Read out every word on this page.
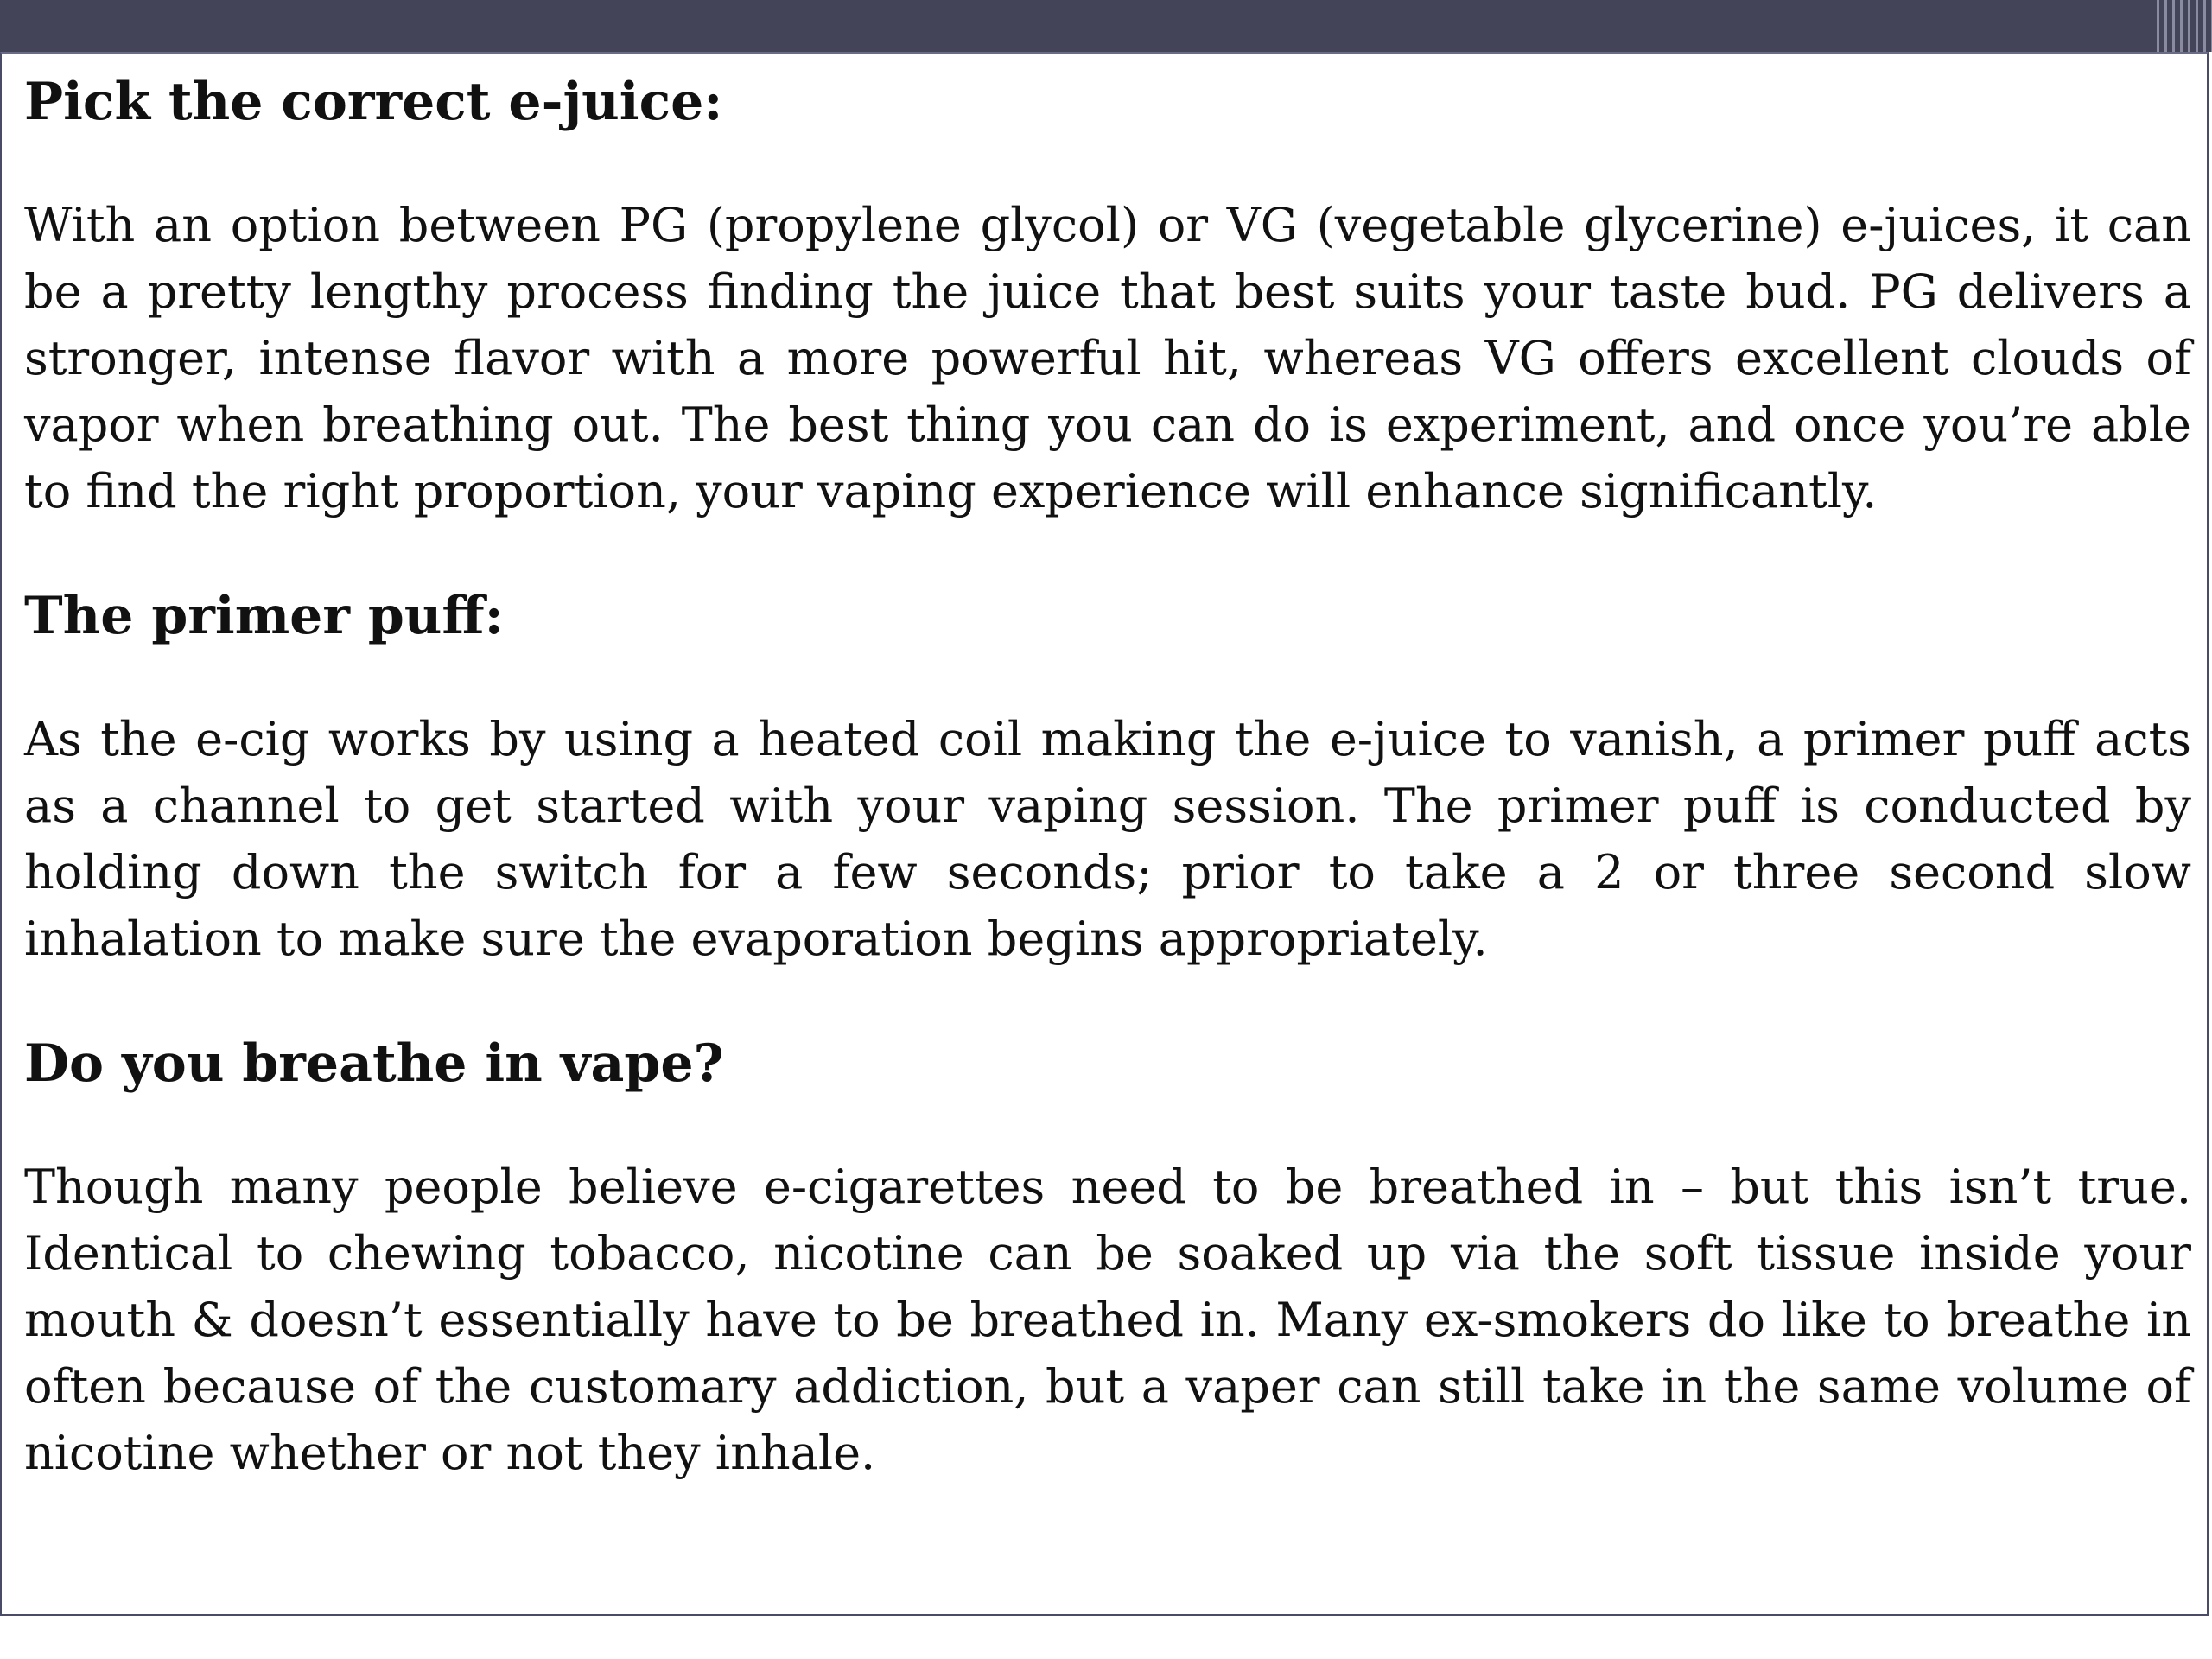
Pick the correct e-juice:

With an option between PG (propylene glycol) or VG (vegetable glycerine) e-juices, it can be a pretty lengthy process finding the juice that best suits your taste bud. PG delivers a stronger, intense flavor with a more powerful hit, whereas VG offers excellent clouds of vapor when breathing out. The best thing you can do is experiment, and once you’re able to find the right proportion, your vaping experience will enhance significantly.

The primer puff:

As the e-cig works by using a heated coil making the e-juice to vanish, a primer puff acts as a channel to get started with your vaping session. The primer puff is conducted by holding down the switch for a few seconds; prior to take a 2 or three second slow inhalation to make sure the evaporation begins appropriately.

Do you breathe in vape?

Though many people believe e-cigarettes need to be breathed in – but this isn’t true. Identical to chewing tobacco, nicotine can be soaked up via the soft tissue inside your mouth & doesn’t essentially have to be breathed in. Many ex-smokers do like to breathe in often because of the customary addiction, but a vaper can still take in the same volume of nicotine whether or not they inhale.
